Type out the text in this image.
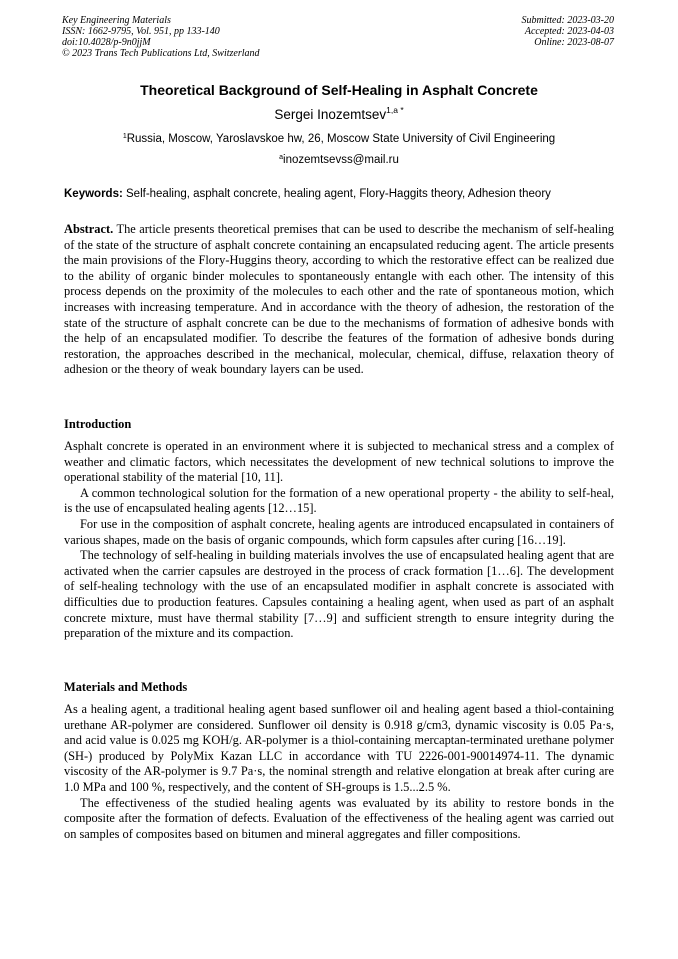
Key Engineering Materials
ISSN: 1662-9795, Vol. 951, pp 133-140
doi:10.4028/p-9n0jjM
© 2023 Trans Tech Publications Ltd, Switzerland
Submitted: 2023-03-20
Accepted: 2023-04-03
Online: 2023-08-07
Theoretical Background of Self-Healing in Asphalt Concrete
Sergei Inozemtsev$^{1,a *}$
$^1$Russia, Moscow, Yaroslavskoe hw, 26, Moscow State University of Civil Engineering
$^a$inozemtsevss@mail.ru
Keywords: Self-healing, asphalt concrete, healing agent, Flory-Haggits theory, Adhesion theory

Abstract. The article presents theoretical premises that can be used to describe the mechanism of self-healing of the state of the structure of asphalt concrete containing an encapsulated reducing agent. The article presents the main provisions of the Flory-Huggins theory, according to which the restorative effect can be realized due to the ability of organic binder molecules to spontaneously entangle with each other. The intensity of this process depends on the proximity of the molecules to each other and the rate of spontaneous motion, which increases with increasing temperature. And in accordance with the theory of adhesion, the restoration of the state of the structure of asphalt concrete can be due to the mechanisms of formation of adhesive bonds with the help of an encapsulated modifier. To describe the features of the formation of adhesive bonds during restoration, the approaches described in the mechanical, molecular, chemical, diffuse, relaxation theory of adhesion or the theory of weak boundary layers can be used.

Introduction

Asphalt concrete is operated in an environment where it is subjected to mechanical stress and a complex of weather and climatic factors, which necessitates the development of new technical solutions to improve the operational stability of the material [10, 11].

A common technological solution for the formation of a new operational property - the ability to self-heal, is the use of encapsulated healing agents [12…15].

For use in the composition of asphalt concrete, healing agents are introduced encapsulated in containers of various shapes, made on the basis of organic compounds, which form capsules after curing [16…19].

The technology of self-healing in building materials involves the use of encapsulated healing agent that are activated when the carrier capsules are destroyed in the process of crack formation [1…6]. The development of self-healing technology with the use of an encapsulated modifier in asphalt concrete is associated with difficulties due to production features. Capsules containing a healing agent, when used as part of an asphalt concrete mixture, must have thermal stability [7…9] and sufficient strength to ensure integrity during the preparation of the mixture and its compaction.

Materials and Methods

As a healing agent, a traditional healing agent based sunflower oil and healing agent based a thiol-containing urethane AR-polymer are considered. Sunflower oil density is 0.918 g/cm3, dynamic viscosity is 0.05 Pa·s, and acid value is 0.025 mg KOH/g. AR-polymer is a thiol-containing mercaptan-terminated urethane polymer (SH-) produced by PolyMix Kazan LLC in accordance with TU 2226-001-90014974-11. The dynamic viscosity of the AR-polymer is 9.7 Pa·s, the nominal strength and relative elongation at break after curing are 1.0 MPa and 100 %, respectively, and the content of SH-groups is 1.5...2.5 %.

The effectiveness of the studied healing agents was evaluated by its ability to restore bonds in the composite after the formation of defects. Evaluation of the effectiveness of the healing agent was carried out on samples of composites based on bitumen and mineral aggregates and filler compositions.
